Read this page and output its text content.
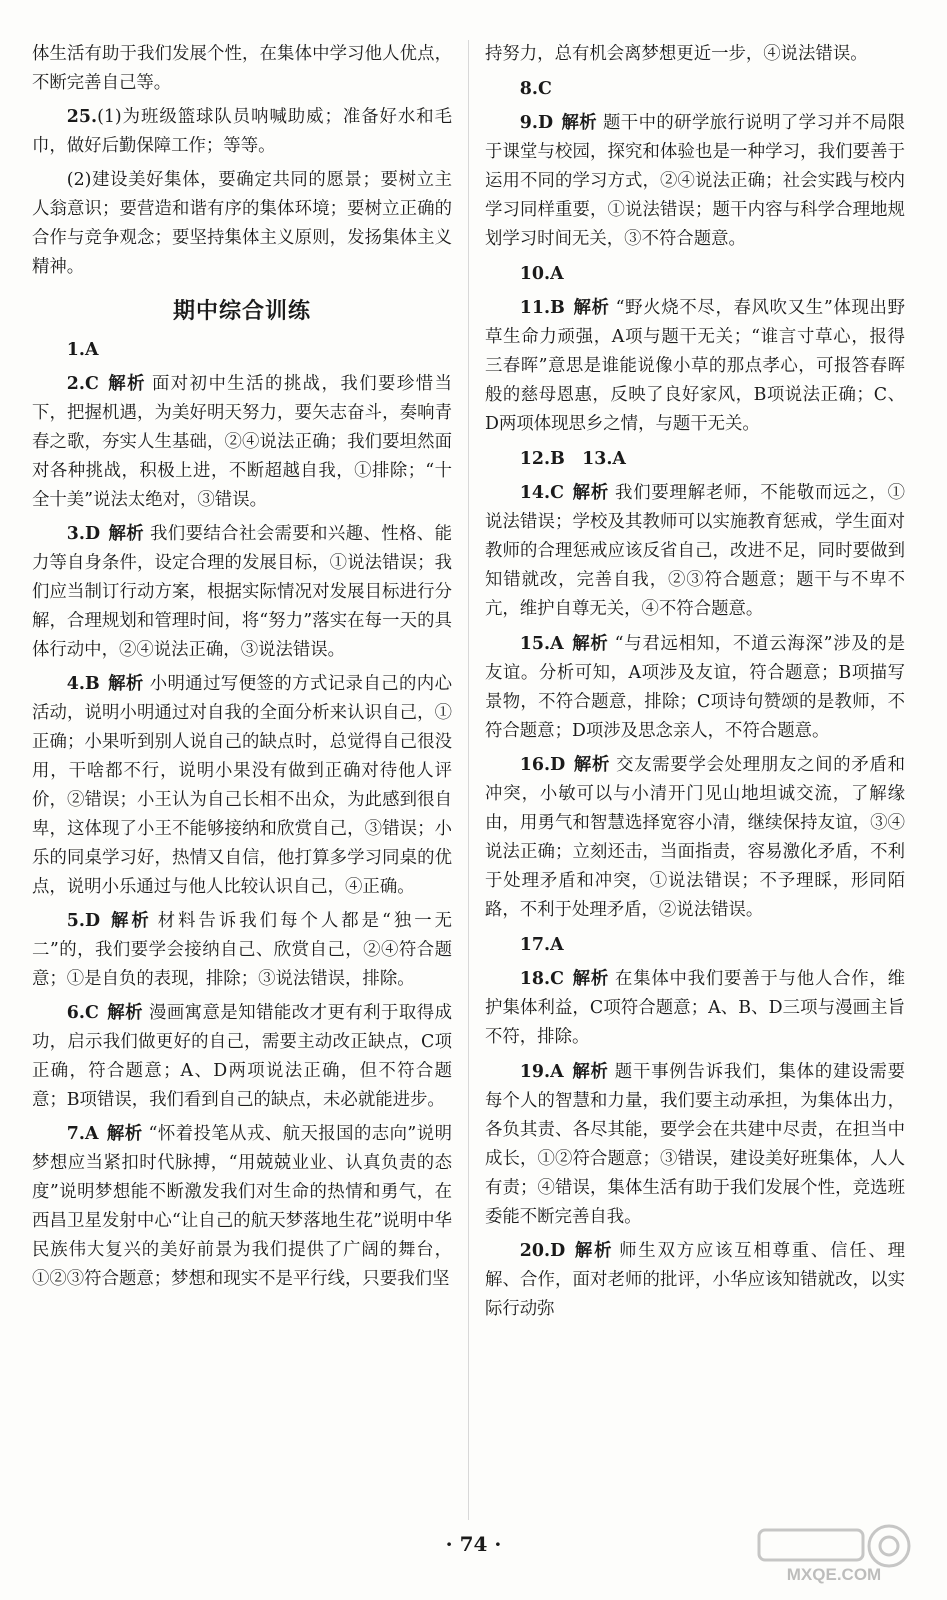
体生活有助于我们发展个性，在集体中学习他人优点，不断完善自己等。

25.(1)为班级篮球队员呐喊助威；准备好水和毛巾，做好后勤保障工作；等等。

(2)建设美好集体，要确定共同的愿景；要树立主人翁意识；要营造和谐有序的集体环境；要树立正确的合作与竞争观念；要坚持集体主义原则，发扬集体主义精神。

期中综合训练

1.A

2.C 解析 面对初中生活的挑战，我们要珍惜当下，把握机遇，为美好明天努力，要矢志奋斗，奏响青春之歌，夯实人生基础，②④说法正确；我们要坦然面对各种挑战，积极上进，不断超越自我，①排除；“十全十美”说法太绝对，③错误。

3.D 解析 我们要结合社会需要和兴趣、性格、能力等自身条件，设定合理的发展目标，①说法错误；我们应当制订行动方案，根据实际情况对发展目标进行分解，合理规划和管理时间，将“努力”落实在每一天的具体行动中，②④说法正确，③说法错误。

4.B 解析 小明通过写便签的方式记录自己的内心活动，说明小明通过对自我的全面分析来认识自己，①正确；小果听到别人说自己的缺点时，总觉得自己很没用，干啥都不行，说明小果没有做到正确对待他人评价，②错误；小王认为自己长相不出众，为此感到很自卑，这体现了小王不能够接纳和欣赏自己，③错误；小乐的同桌学习好，热情又自信，他打算多学习同桌的优点，说明小乐通过与他人比较认识自己，④正确。

5.D 解析 材料告诉我们每个人都是“独一无二”的，我们要学会接纳自己、欣赏自己，②④符合题意；①是自负的表现，排除；③说法错误，排除。

6.C 解析 漫画寓意是知错能改才更有利于取得成功，启示我们做更好的自己，需要主动改正缺点，C项正确，符合题意；A、D两项说法正确，但不符合题意；B项错误，我们看到自己的缺点，未必就能进步。

7.A 解析 “怀着投笔从戎、航天报国的志向”说明梦想应当紧扣时代脉搏，“用兢兢业业、认真负责的态度”说明梦想能不断激发我们对生命的热情和勇气，在西昌卫星发射中心“让自己的航天梦落地生花”说明中华民族伟大复兴的美好前景为我们提供了广阔的舞台，①②③符合题意；梦想和现实不是平行线，只要我们坚

持努力，总有机会离梦想更近一步，④说法错误。

8.C

9.D 解析 题干中的研学旅行说明了学习并不局限于课堂与校园，探究和体验也是一种学习，我们要善于运用不同的学习方式，②④说法正确；社会实践与校内学习同样重要，①说法错误；题干内容与科学合理地规划学习时间无关，③不符合题意。

10.A

11.B 解析 “野火烧不尽，春风吹又生”体现出野草生命力顽强，A项与题干无关；“谁言寸草心，报得三春晖”意思是谁能说像小草的那点孝心，可报答春晖般的慈母恩惠，反映了良好家风，B项说法正确；C、D两项体现思乡之情，与题干无关。

12.B  13.A

14.C 解析 我们要理解老师，不能敬而远之，①说法错误；学校及其教师可以实施教育惩戒，学生面对教师的合理惩戒应该反省自己，改进不足，同时要做到知错就改，完善自我，②③符合题意；题干与不卑不亢，维护自尊无关，④不符合题意。

15.A 解析 “与君远相知，不道云海深”涉及的是友谊。分析可知，A项涉及友谊，符合题意；B项描写景物，不符合题意，排除；C项诗句赞颂的是教师，不符合题意；D项涉及思念亲人，不符合题意。

16.D 解析 交友需要学会处理朋友之间的矛盾和冲突，小敏可以与小清开门见山地坦诚交流，了解缘由，用勇气和智慧选择宽容小清，继续保持友谊，③④说法正确；立刻还击，当面指责，容易激化矛盾，不利于处理矛盾和冲突，①说法错误；不予理睬，形同陌路，不利于处理矛盾，②说法错误。

17.A

18.C 解析 在集体中我们要善于与他人合作，维护集体利益，C项符合题意；A、B、D三项与漫画主旨不符，排除。

19.A 解析 题干事例告诉我们，集体的建设需要每个人的智慧和力量，我们要主动承担，为集体出力，各负其责、各尽其能，要学会在共建中尽责，在担当中成长，①②符合题意；③错误，建设美好班集体，人人有责；④错误，集体生活有助于我们发展个性，竞选班委能不断完善自我。

20.D 解析 师生双方应该互相尊重、信任、理解、合作，面对老师的批评，小华应该知错就改，以实际行动弥

· 74 ·
MXQE.COM
